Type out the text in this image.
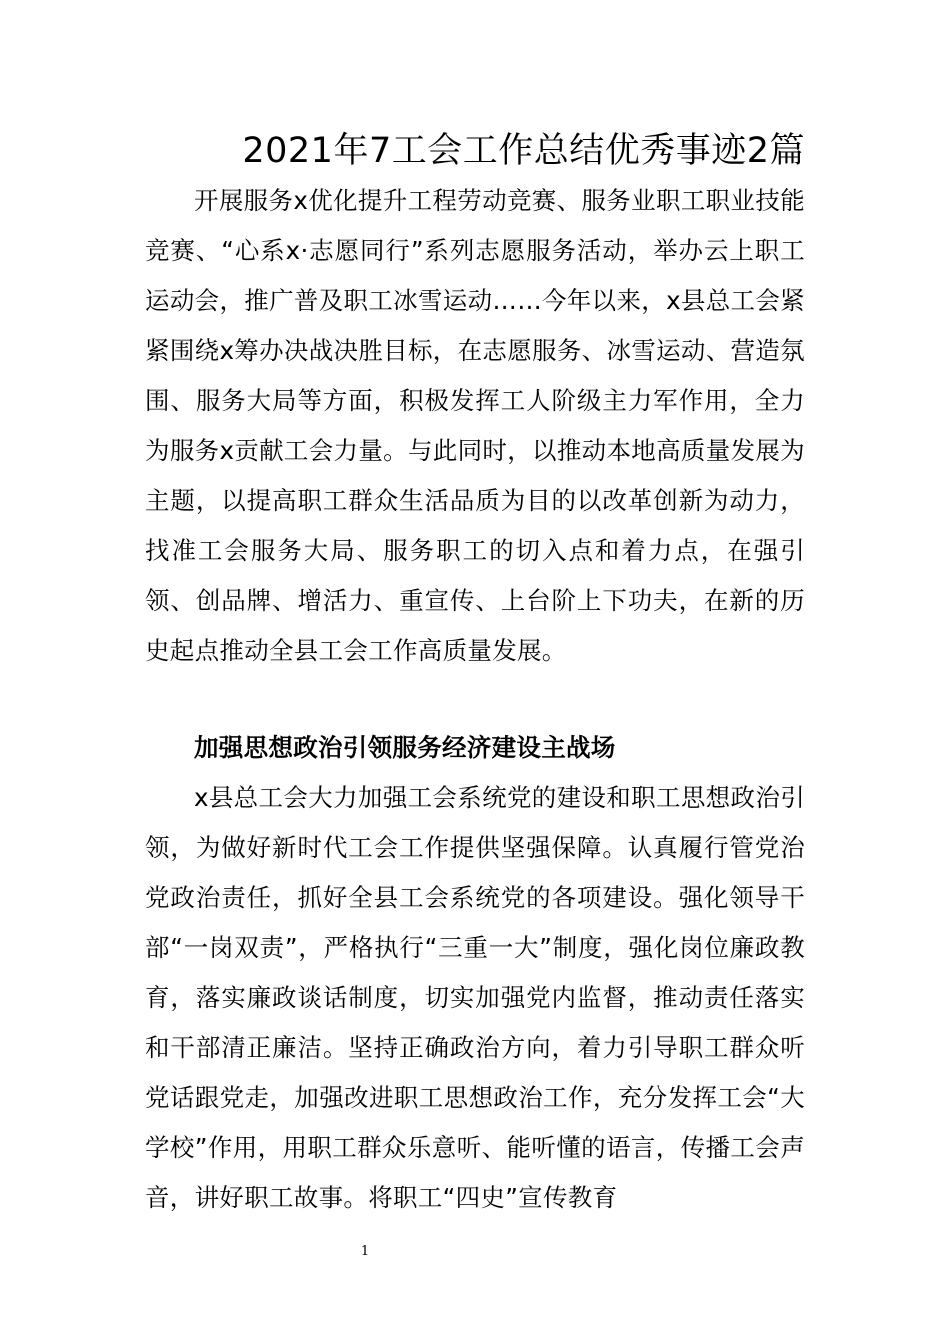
2021年7工会工作总结优秀事迹2篇

开展服务x优化提升工程劳动竞赛、服务业职工职业技能竞赛、“心系x·志愿同行”系列志愿服务活动，举办云上职工运动会，推广普及职工冰雪运动……今年以来，x县总工会紧紧围绕x筹办决战决胜目标，在志愿服务、冰雪运动、营造氛围、服务大局等方面，积极发挥工人阶级主力军作用，全力为服务x贡献工会力量。与此同时，以推动本地高质量发展为主题，以提高职工群众生活品质为目的以改革创新为动力，找准工会服务大局、服务职工的切入点和着力点，在强引领、创品牌、增活力、重宣传、上台阶上下功夫，在新的历史起点推动全县工会工作高质量发展。

加强思想政治引领服务经济建设主战场

x县总工会大力加强工会系统党的建设和职工思想政治引领，为做好新时代工会工作提供坚强保障。认真履行管党治党政治责任，抓好全县工会系统党的各项建设。强化领导干部“一岗双责”，严格执行“三重一大”制度，强化岗位廉政教育，落实廉政谈话制度，切实加强党内监督，推动责任落实和干部清正廉洁。坚持正确政治方向，着力引导职工群众听党话跟党走，加强改进职工思想政治工作，充分发挥工会“大学校”作用，用职工群众乐意听、能听懂的语言，传播工会声音，讲好职工故事。将职工“四史”宣传教育

1
